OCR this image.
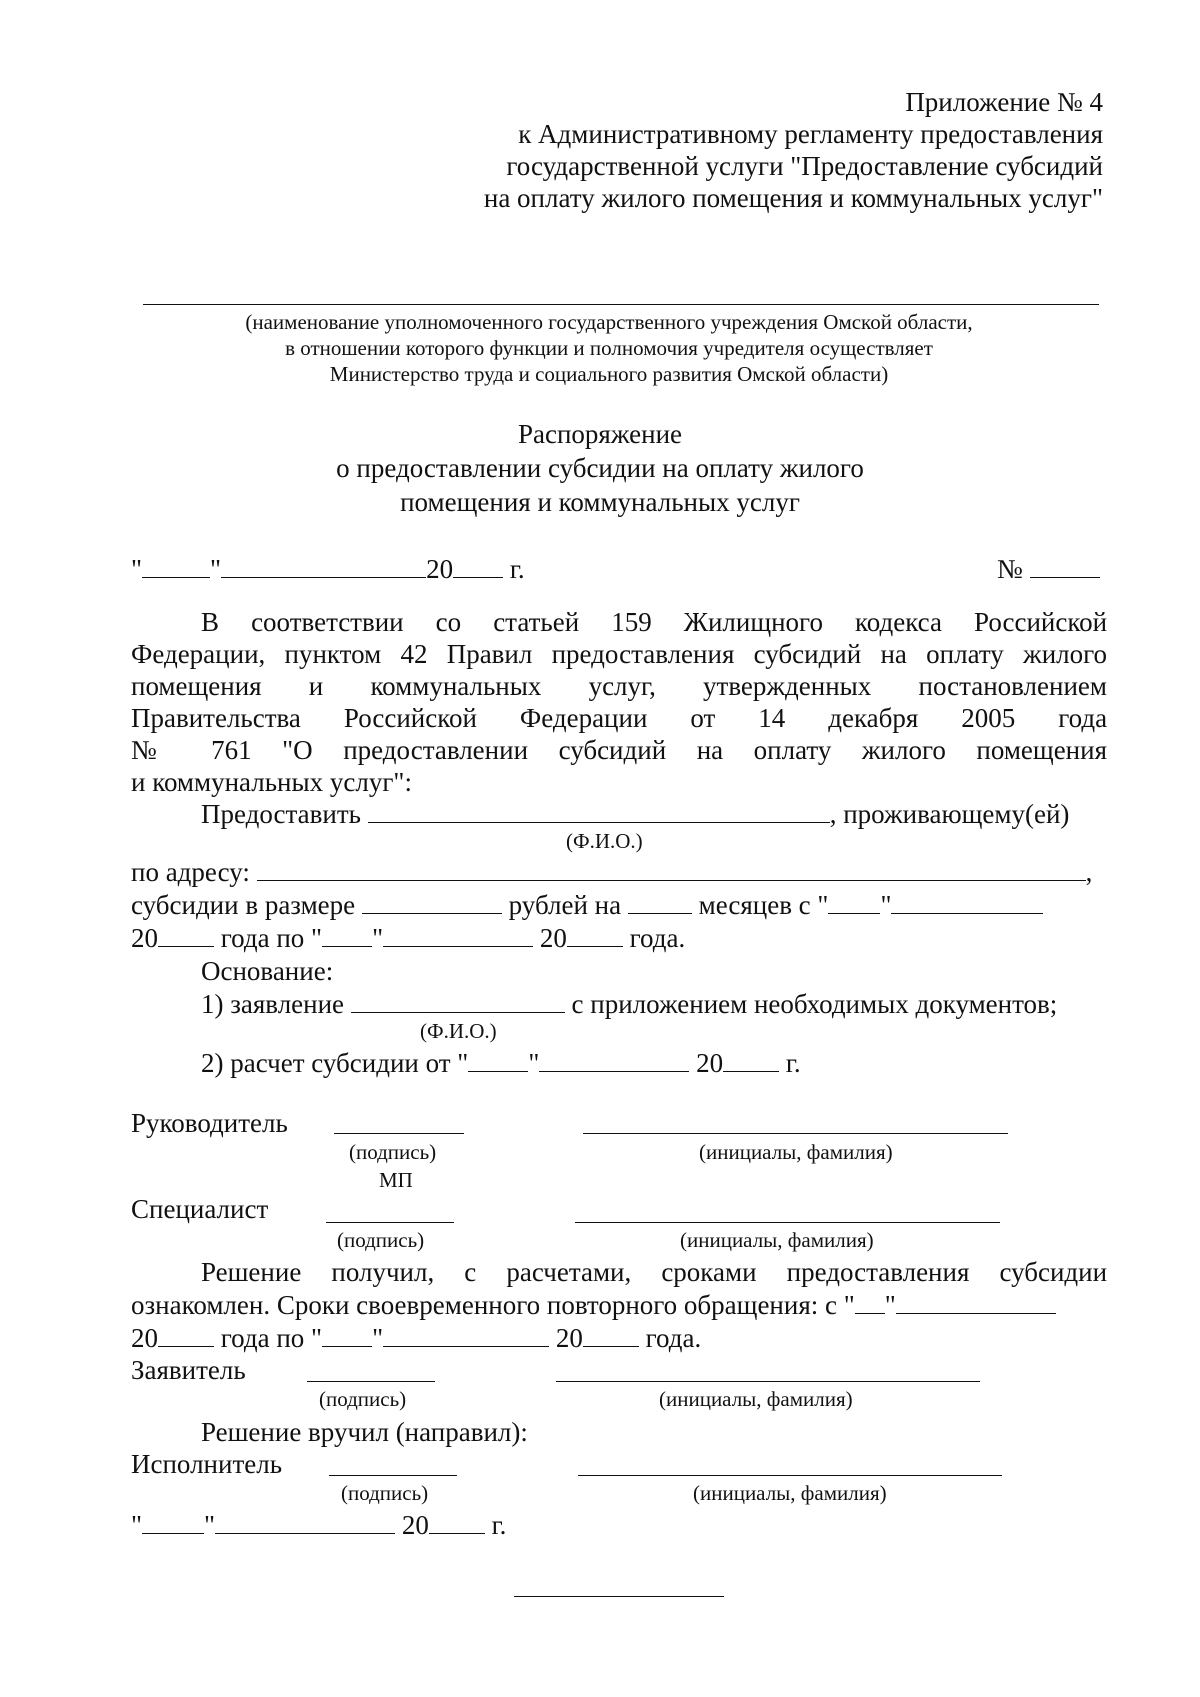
Приложение № 4
к Административному регламенту предоставления
государственной услуги "Предоставление субсидий
на оплату жилого помещения и коммунальных услуг"
(наименование уполномоченного государственного учреждения Омской области,
в отношении которого функции и полномочия учредителя осуществляет
Министерство труда и социального развития Омской области)
Распоряжение
о предоставлении субсидии на оплату жилого
помещения и коммунальных услуг
"	"	20 г.	№
В соответствии со статьей 159 Жилищного кодекса Российской
Федерации, пунктом 42 Правил предоставления субсидий на оплату жилого
помещения и коммунальных услуг, утвержденных постановлением
Правительства Российской Федерации от 14 декабря 2005 года
№ 761 "О предоставлении субсидий на оплату жилого помещения
и коммунальных услуг":
Предоставить	, проживающему(ей)
(Ф.И.О.)
по адресу:	,
субсидии в размере	рублей на	месяцев с " "
20 года по " "	20 года.
Основание:
1) заявление	с приложением необходимых документов;
(Ф.И.О.)
2) расчет субсидии от " "	20 г.
Руководитель
(подпись)	(инициалы, фамилия)
МП
Специалист
(подпись)	(инициалы, фамилия)
Решение получил, с расчетами, сроками предоставления субсидии
ознакомлен. Сроки своевременного повторного обращения: с " "
20 года по " "	20 года.
Заявитель
(подпись)	(инициалы, фамилия)
Решение вручил (направил):
Исполнитель
(подпись)	(инициалы, фамилия)
" "	20 г.
